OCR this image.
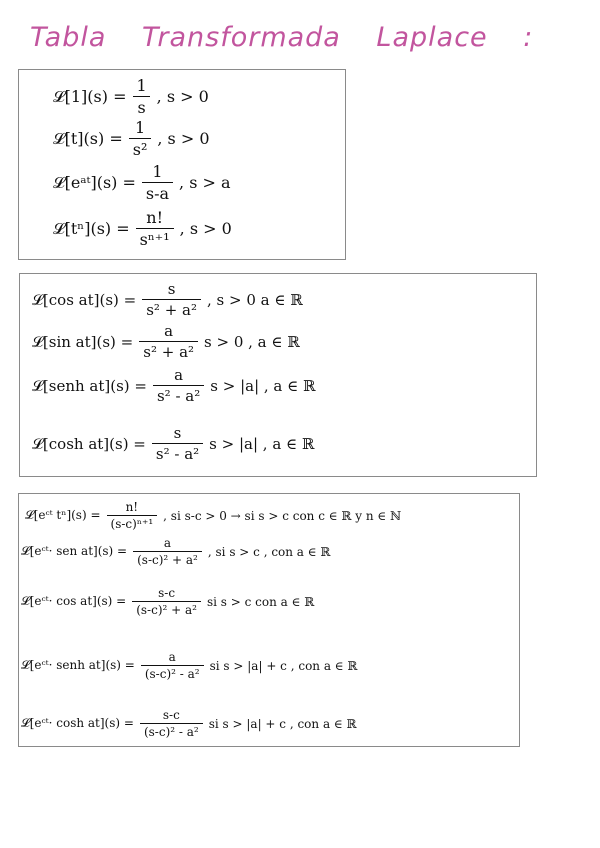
Tabla Transformada Laplace :
𝓛[1](s) = $\frac{1}{s}$ , s > 0
𝓛[t](s) = $\frac{1}{\text{s²}}$ , s > 0
𝓛[eᵃᵗ](s) = $\frac{1}{s-a}$ , s > a
𝓛[tⁿ](s) = $\frac{n!}{\text{sⁿ⁺¹}}$ , s > 0
𝓛[cos $at](s) = \frac{s}{\text{s² + a²}}$ , s > 0 a ∈ ℝ
𝓛[sin $at](s) = \frac{a}{\text{s² + a²}}$ s > 0 , a ∈ ℝ
𝓛[senh $at](s) = \frac{a}{\text{s² - a²}}$ s > |a| , a ∈ ℝ
𝓛[cosh $at](s) = \frac{s}{\text{s² - a²}}$ s > |a| , a ∈ ℝ
𝓛[eᶜᵗ $t^n](s) = \frac{n!}{\text{(s-c)ⁿ⁺¹}}$ , si s-c > 0 → si s > c con c ∈ ℝ y n ∈ ℕ
𝓛[eᶜᵗ· sen $at](s) = \frac{a}{\text{(s-c)² + a²}}$ , si s > c , con a ∈ ℝ
𝓛[eᶜᵗ· $\cos at](s) = \frac{s-c}{\text{(s-c)² + a²}}$ si s > c con a ∈ ℝ
𝓛[eᶜᵗ· senh $at](s) = \frac{a}{\text{(s-c)² - a²}}$ si s > |a| + c , con a ∈ ℝ
𝓛[eᶜᵗ· $\cosh at](s) = \frac{s-c}{\text{(s-c)² - a²}}$ si s > |a| + c , con a ∈ ℝ
